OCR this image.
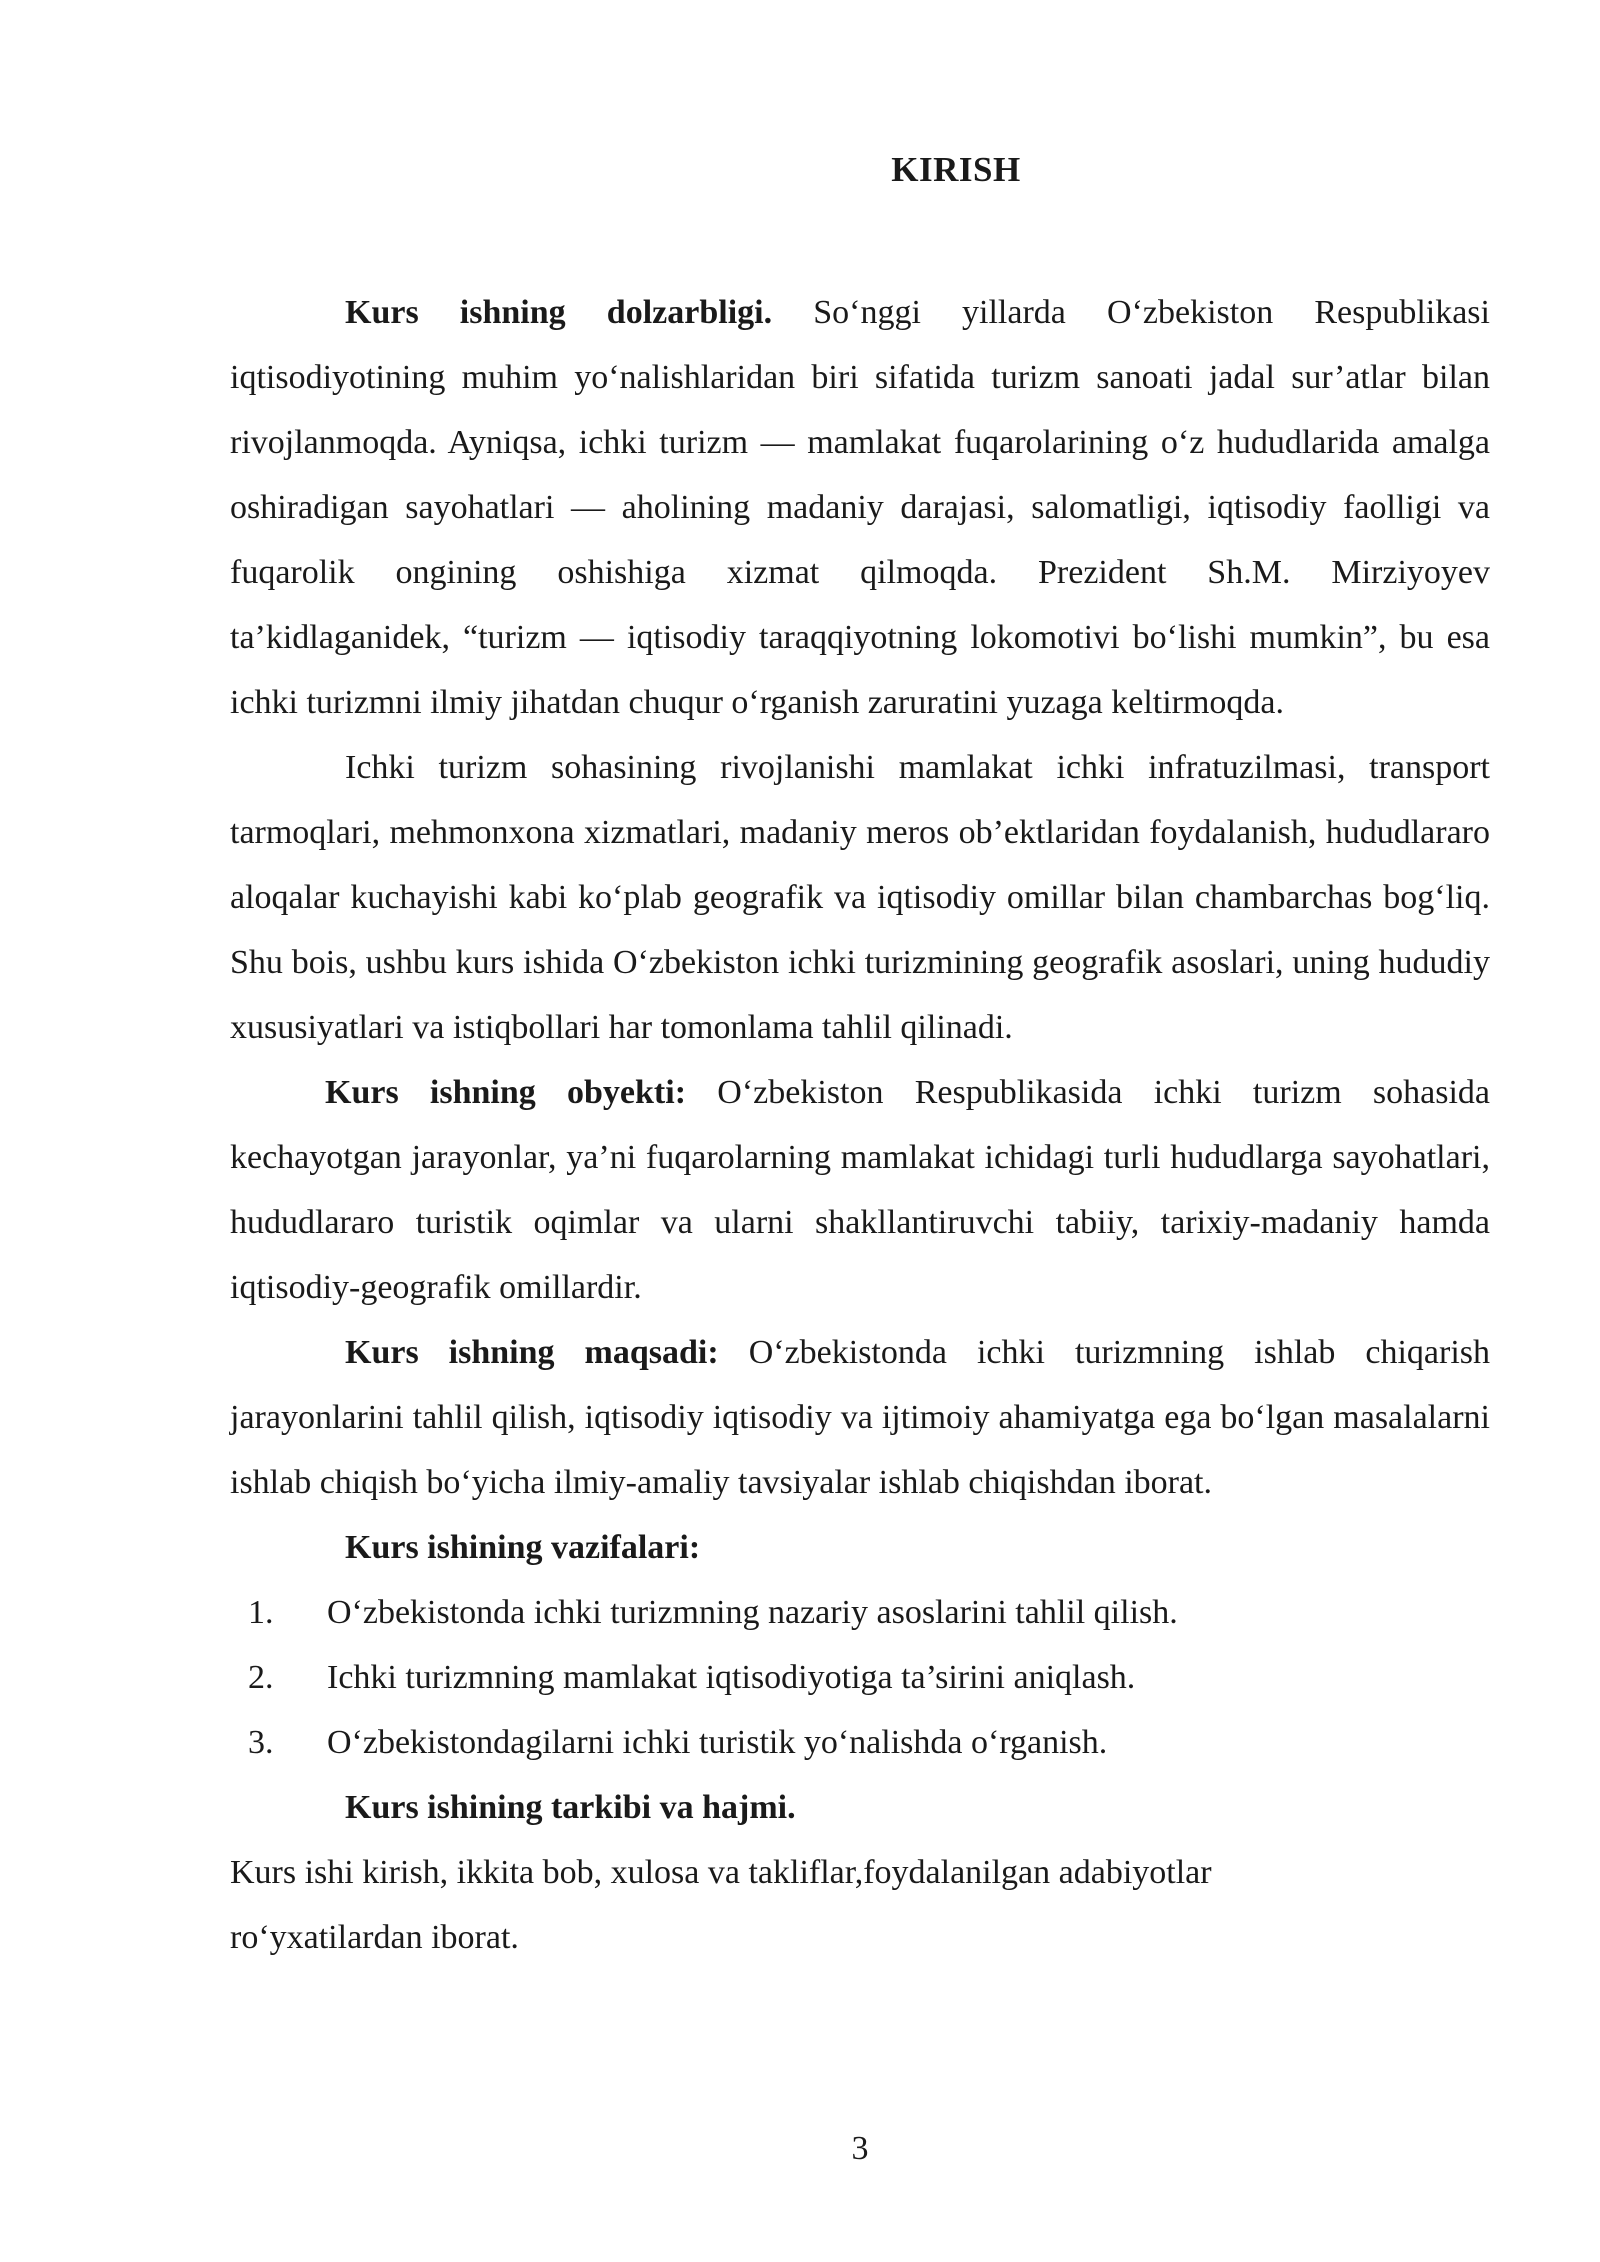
KIRISH

Kurs ishning dolzarbligi. So‘nggi yillarda O‘zbekiston Respublikasi iqtisodiyotining muhim yo‘nalishlaridan biri sifatida turizm sanoati jadal sur’atlar bilan rivojlanmoqda. Ayniqsa, ichki turizm — mamlakat fuqarolarining o‘z hududlarida amalga oshiradigan sayohatlari — aholining madaniy darajasi, salomatligi, iqtisodiy faolligi va fuqarolik ongining oshishiga xizmat qilmoqda. Prezident Sh.M. Mirziyoyev ta’kidlaganidek, “turizm — iqtisodiy taraqqiyotning lokomotivi bo‘lishi mumkin”, bu esa ichki turizmni ilmiy jihatdan chuqur o‘rganish zaruratini yuzaga keltirmoqda.

Ichki turizm sohasining rivojlanishi mamlakat ichki infratuzilmasi, transport tarmoqlari, mehmonxona xizmatlari, madaniy meros ob’ektlaridan foydalanish, hududlararo aloqalar kuchayishi kabi ko‘plab geografik va iqtisodiy omillar bilan chambarchas bog‘liq. Shu bois, ushbu kurs ishida O‘zbekiston ichki turizmining geografik asoslari, uning hududiy xususiyatlari va istiqbollari har tomonlama tahlil qilinadi.

Kurs ishning obyekti: O‘zbekiston Respublikasida ichki turizm sohasida kechayotgan jarayonlar, ya’ni fuqarolarning mamlakat ichidagi turli hududlarga sayohatlari, hududlararo turistik oqimlar va ularni shakllantiruvchi tabiiy, tarixiy-madaniy hamda iqtisodiy-geografik omillardir.

Kurs ishning maqsadi: O‘zbekistonda ichki turizmning ishlab chiqarish jarayonlarini tahlil qilish, iqtisodiy iqtisodiy va ijtimoiy ahamiyatga ega bo‘lgan masalalarni ishlab chiqish bo‘yicha ilmiy-amaliy tavsiyalar ishlab chiqishdan iborat.

Kurs ishining vazifalari:

1.	O‘zbekistonda ichki turizmning nazariy asoslarini tahlil qilish.
2.	Ichki turizmning mamlakat iqtisodiyotiga ta’sirini aniqlash.
3.	O‘zbekistondagilarni ichki turistik yo‘nalishda o‘rganish.

Kurs ishining tarkibi va hajmi.

Kurs ishi kirish, ikkita bob, xulosa va takliflar,foydalanilgan adabiyotlar ro‘yxatilardan iborat.

3
